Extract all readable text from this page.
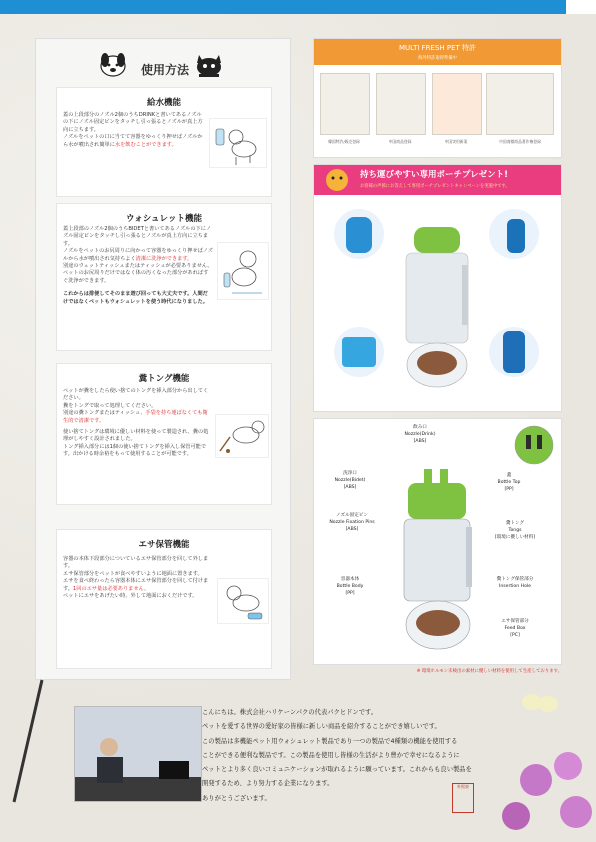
使用方法
給水機能

蓋の上段部分のノズル2個のうちDRINKと書いてあるノズルの下にノズル固定ピンをタッチし引っ張るとノズルが真上方向に立ちます。
ノズルをペットの口に当てて容器をゆっくり押せばノズルから水が噴出され簡単に水を飲むことができます。

ウォシュレット機能

蓋上段部のノズル2個のうちBIDETと書いてあるノズルの下にノズル固定ピンをタッチし引っ張るとノズルが真上方向に立ちます。
ノズルをペットのお尻周りに向かって容器をゆっくり押せばノズルから水が噴出され気持ちよく清潔に洗浄ができます。

別途のウェットティッシュまたはティッシュが必要ありません。ペットのお尻周りだけではなく体の汚くなった部分があればすぐ洗浄ができます。

これからは排便してそのまま遊び回っても大丈夫です。人間だけではなくペットもウォシュレットを使う時代になりました。

糞トング機能

ペットが糞をしたら使い捨てのトングを挿入部分から出してください。
糞をトングで取って処理してください。
別途の糞トングまたはティッシュ、手袋を持ち運ばなくても衛生的で清潔です。

使い捨てトングは環境に優しい材料を使って製造され、糞の処理がしやすく設計されました。
トング挿入部分には1個の使い捨てトングを挿入し保管可能です。出かける時余裕をもって使用することが可能です。

エサ保管機能

容器の本体下段部分についているエサ保管部分を回して外します。
エサ保管部分をペットが食べやすいように地面に置きます。
エサを食べ終わったら容器本体にエサ保管部分を回して付けます。1回のエサ量は必要ありません。

ペットにエサをあげたい時、外して地面におくだけです。

MULTI FRESH PET 特許
海外特許取得準備中
韓国特許/販売登録	中国商品登録	中国実用新案	中国商標商品著作権登録
持ち運びやすい専用ポーチプレゼント!
お客様の声援にお答えして専用ポーチプレゼントキャンペーンを実施中です。
飲み口
Nozzle(Drink)
[ABS]
洗浄口
Nozzle(Bidet)
[ABS]
蓋
Bottle Top
[PP]
ノズル固定ピン
Nozzle Fixation Pins
[ABS]
糞トング
Tongs
[環境に優しい材料]
容器本体
Bottle Body
[PP]
糞トング保管部分
Insertion Hole
エサ保管部分
Feed Box
[PC]
※ 環境ホルモン未検出の素材に優しい材料を使用して生産しております。
こんにちは。株式会社ハリケーンパクの代表パクヒドンです。
ペットを愛する世界の愛好家の皆様に新しい商品を紹介することができ嬉しいです。
この製品は多機能ペット用ウォシュレット製品であり一つの製品で4種類の機能を使用する
ことができる便利な製品です。この製品を使用し皆様の生活がより豊かで幸せになるように
ペットとより多く良いコミュニケーションが取れるように願っています。これからも良い製品を
開発するため、より努力する企業になります。
ありがとうございます。
朴熙東
